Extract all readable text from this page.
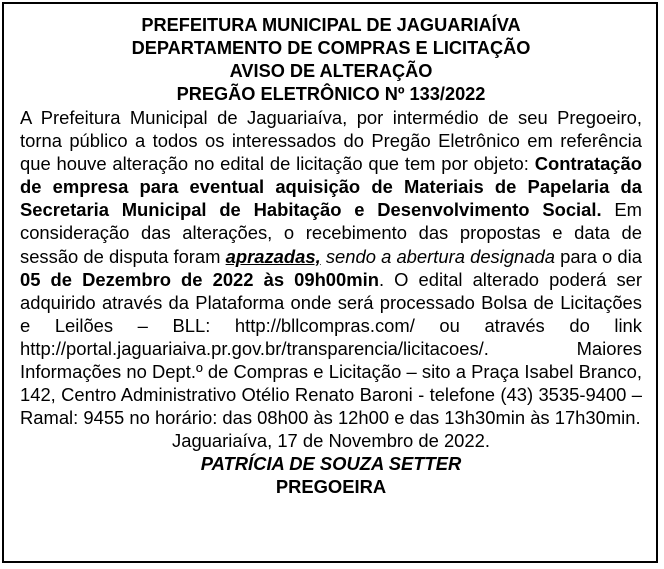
PREFEITURA MUNICIPAL DE JAGUARIAÍVA

DEPARTAMENTO DE COMPRAS E LICITAÇÃO

AVISO DE ALTERAÇÃO

PREGÃO ELETRÔNICO Nº 133/2022

A Prefeitura Municipal de Jaguariaíva, por intermédio de seu Pregoeiro, torna público a todos os interessados do Pregão Eletrônico em referência que houve alteração no edital de licitação que tem por objeto: Contratação de empresa para eventual aquisição de Materiais de Papelaria da Secretaria Municipal de Habitação e Desenvolvimento Social. Em consideração das alterações, o recebimento das propostas e data de sessão de disputa foram aprazadas, sendo a abertura designada para o dia 05 de Dezembro de 2022 às 09h00min. O edital alterado poderá ser adquirido através da Plataforma onde será processado Bolsa de Licitações e Leilões – BLL: http://bllcompras.com/ ou através do link http://portal.jaguariaiva.pr.gov.br/transparencia/licitacoes/. Maiores Informações no Dept.º de Compras e Licitação – sito a Praça Isabel Branco, 142, Centro Administrativo Otélio Renato Baroni - telefone (43) 3535-9400 – Ramal: 9455 no horário: das 08h00 às 12h00 e das 13h30min às 17h30min.

Jaguariaíva, 17 de Novembro de 2022.

PATRÍCIA DE SOUZA SETTER

PREGOEIRA
